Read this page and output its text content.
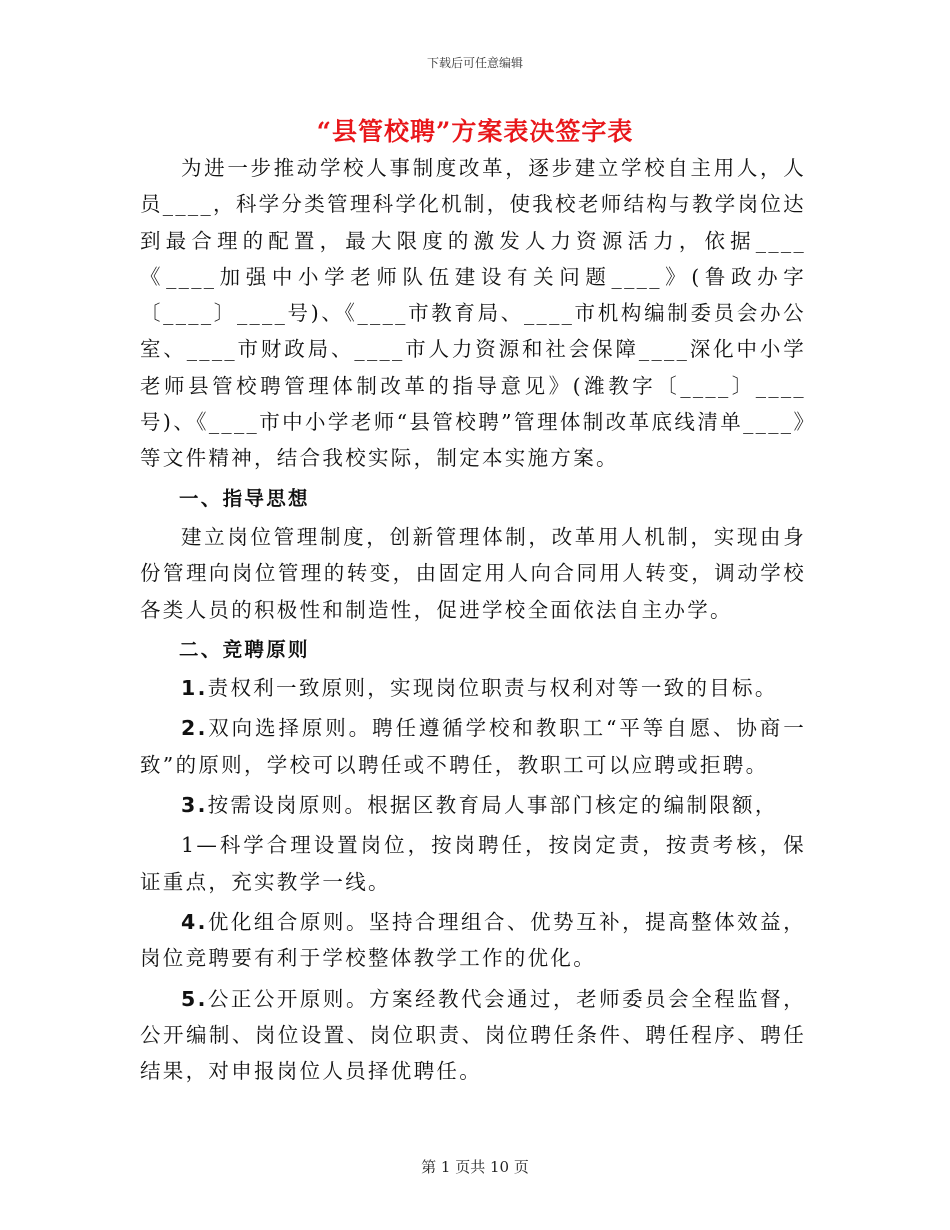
下载后可任意编辑
“县管校聘”方案表决签字表

为进一步推动学校人事制度改革，逐步建立学校自主用人，人员____，科学分类管理科学化机制，使我校老师结构与教学岗位达到最合理的配置，最大限度的激发人力资源活力，依据____《____加强中小学老师队伍建设有关问题____》(鲁政办字〔____〕____号)、《____市教育局、____市机构编制委员会办公室、____市财政局、____市人力资源和社会保障____深化中小学老师县管校聘管理体制改革的指导意见》(潍教字〔____〕____号)、《____市中小学老师“县管校聘”管理体制改革底线清单____》等文件精神，结合我校实际，制定本实施方案。

一、指导思想

建立岗位管理制度，创新管理体制，改革用人机制，实现由身份管理向岗位管理的转变，由固定用人向合同用人转变，调动学校各类人员的积极性和制造性，促进学校全面依法自主办学。

二、竞聘原则

1.责权利一致原则，实现岗位职责与权利对等一致的目标。

2.双向选择原则。聘任遵循学校和教职工“平等自愿、协商一致”的原则，学校可以聘任或不聘任，教职工可以应聘或拒聘。

3.按需设岗原则。根据区教育局人事部门核定的编制限额，

1—科学合理设置岗位，按岗聘任，按岗定责，按责考核，保证重点，充实教学一线。

4.优化组合原则。坚持合理组合、优势互补，提高整体效益，岗位竞聘要有利于学校整体教学工作的优化。

5.公正公开原则。方案经教代会通过，老师委员会全程监督，公开编制、岗位设置、岗位职责、岗位聘任条件、聘任程序、聘任结果，对申报岗位人员择优聘任。

第 1 页共 10 页
